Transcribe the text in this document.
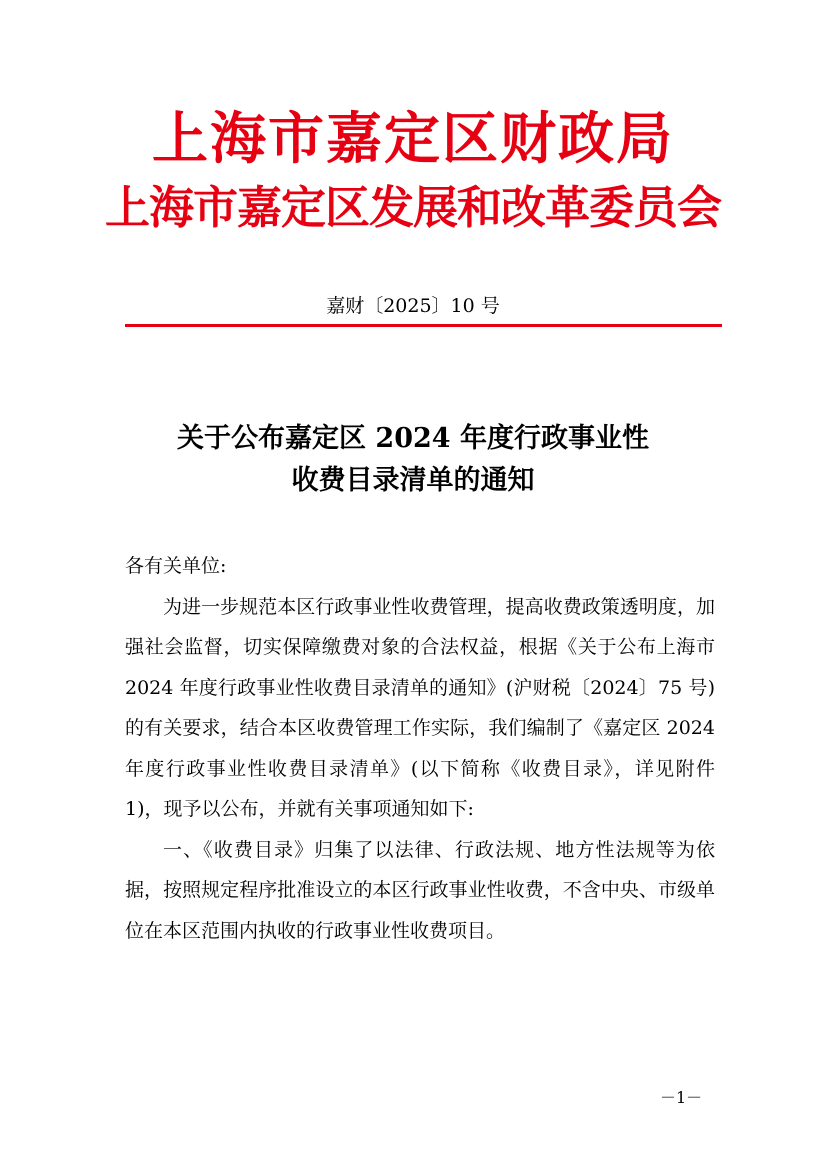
上海市嘉定区财政局
上海市嘉定区发展和改革委员会
嘉财〔2025〕10 号
关于公布嘉定区 2024 年度行政事业性
收费目录清单的通知

各有关单位:

为进一步规范本区行政事业性收费管理，提高收费政策透明度，加强社会监督，切实保障缴费对象的合法权益，根据《关于公布上海市 2024 年度行政事业性收费目录清单的通知》(沪财税〔2024〕75 号)的有关要求，结合本区收费管理工作实际，我们编制了《嘉定区 2024 年度行政事业性收费目录清单》(以下简称《收费目录》，详见附件 1)，现予以公布，并就有关事项通知如下:

一、《收费目录》归集了以法律、行政法规、地方性法规等为依据，按照规定程序批准设立的本区行政事业性收费，不含中央、市级单位在本区范围内执收的行政事业性收费项目。

－1－
